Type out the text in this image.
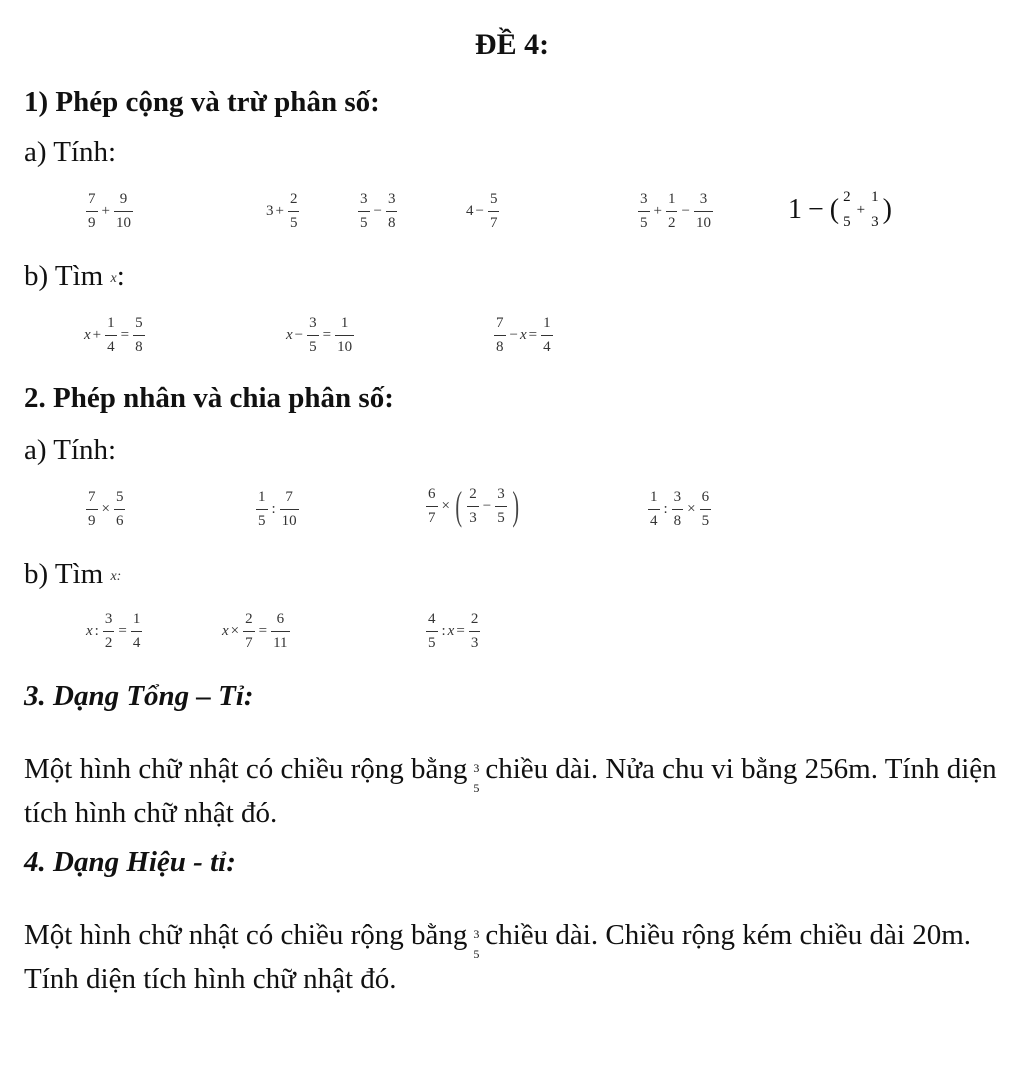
ĐỀ 4:
1) Phép cộng và trừ phân số:
a) Tính:
$\frac{7}{9} + \frac{9}{10}$	$3 + \frac{2}{5}$	$\frac{3}{5} - \frac{3}{8}$	$4 - \frac{5}{7}$	$\frac{3}{5} + \frac{1}{2} - \frac{3}{10}$	1 − ( 2
5
+
1
3 )
b) Tìm x:
$x + \frac{1}{4} = \frac{5}{8}$	$x - \frac{3}{5} = \frac{1}{10}$	$\frac{7}{8} - x = \frac{1}{4}$
2. Phép nhân và chia phân số:
a) Tính:
$\frac{7}{9} \times \frac{5}{6}$	$\frac{1}{5}$ : $\frac{7}{10}$	$\frac{6}{7}$ × ( $\frac{2}{3} - \frac{3}{5}$ )	$\frac{1}{4}$ : $\frac{3}{8} \times \frac{6}{5}$
b) Tìm x:
x : $\frac{3}{2} = \frac{1}{4}$	$x \times \frac{2}{7} = \frac{6}{11}$	$\frac{4}{5}$ : $x = \frac{2}{3}$
3. Dạng Tổng – Tỉ:
Một hình chữ nhật có chiều rộng bằng 3
5
chiều dài. Nửa chu vi bằng 256m. Tính diện tích hình chữ nhật đó.
4. Dạng Hiệu - tỉ:
Một hình chữ nhật có chiều rộng bằng 3
5
chiều dài. Chiều rộng kém chiều dài 20m. Tính diện tích hình chữ nhật đó.
